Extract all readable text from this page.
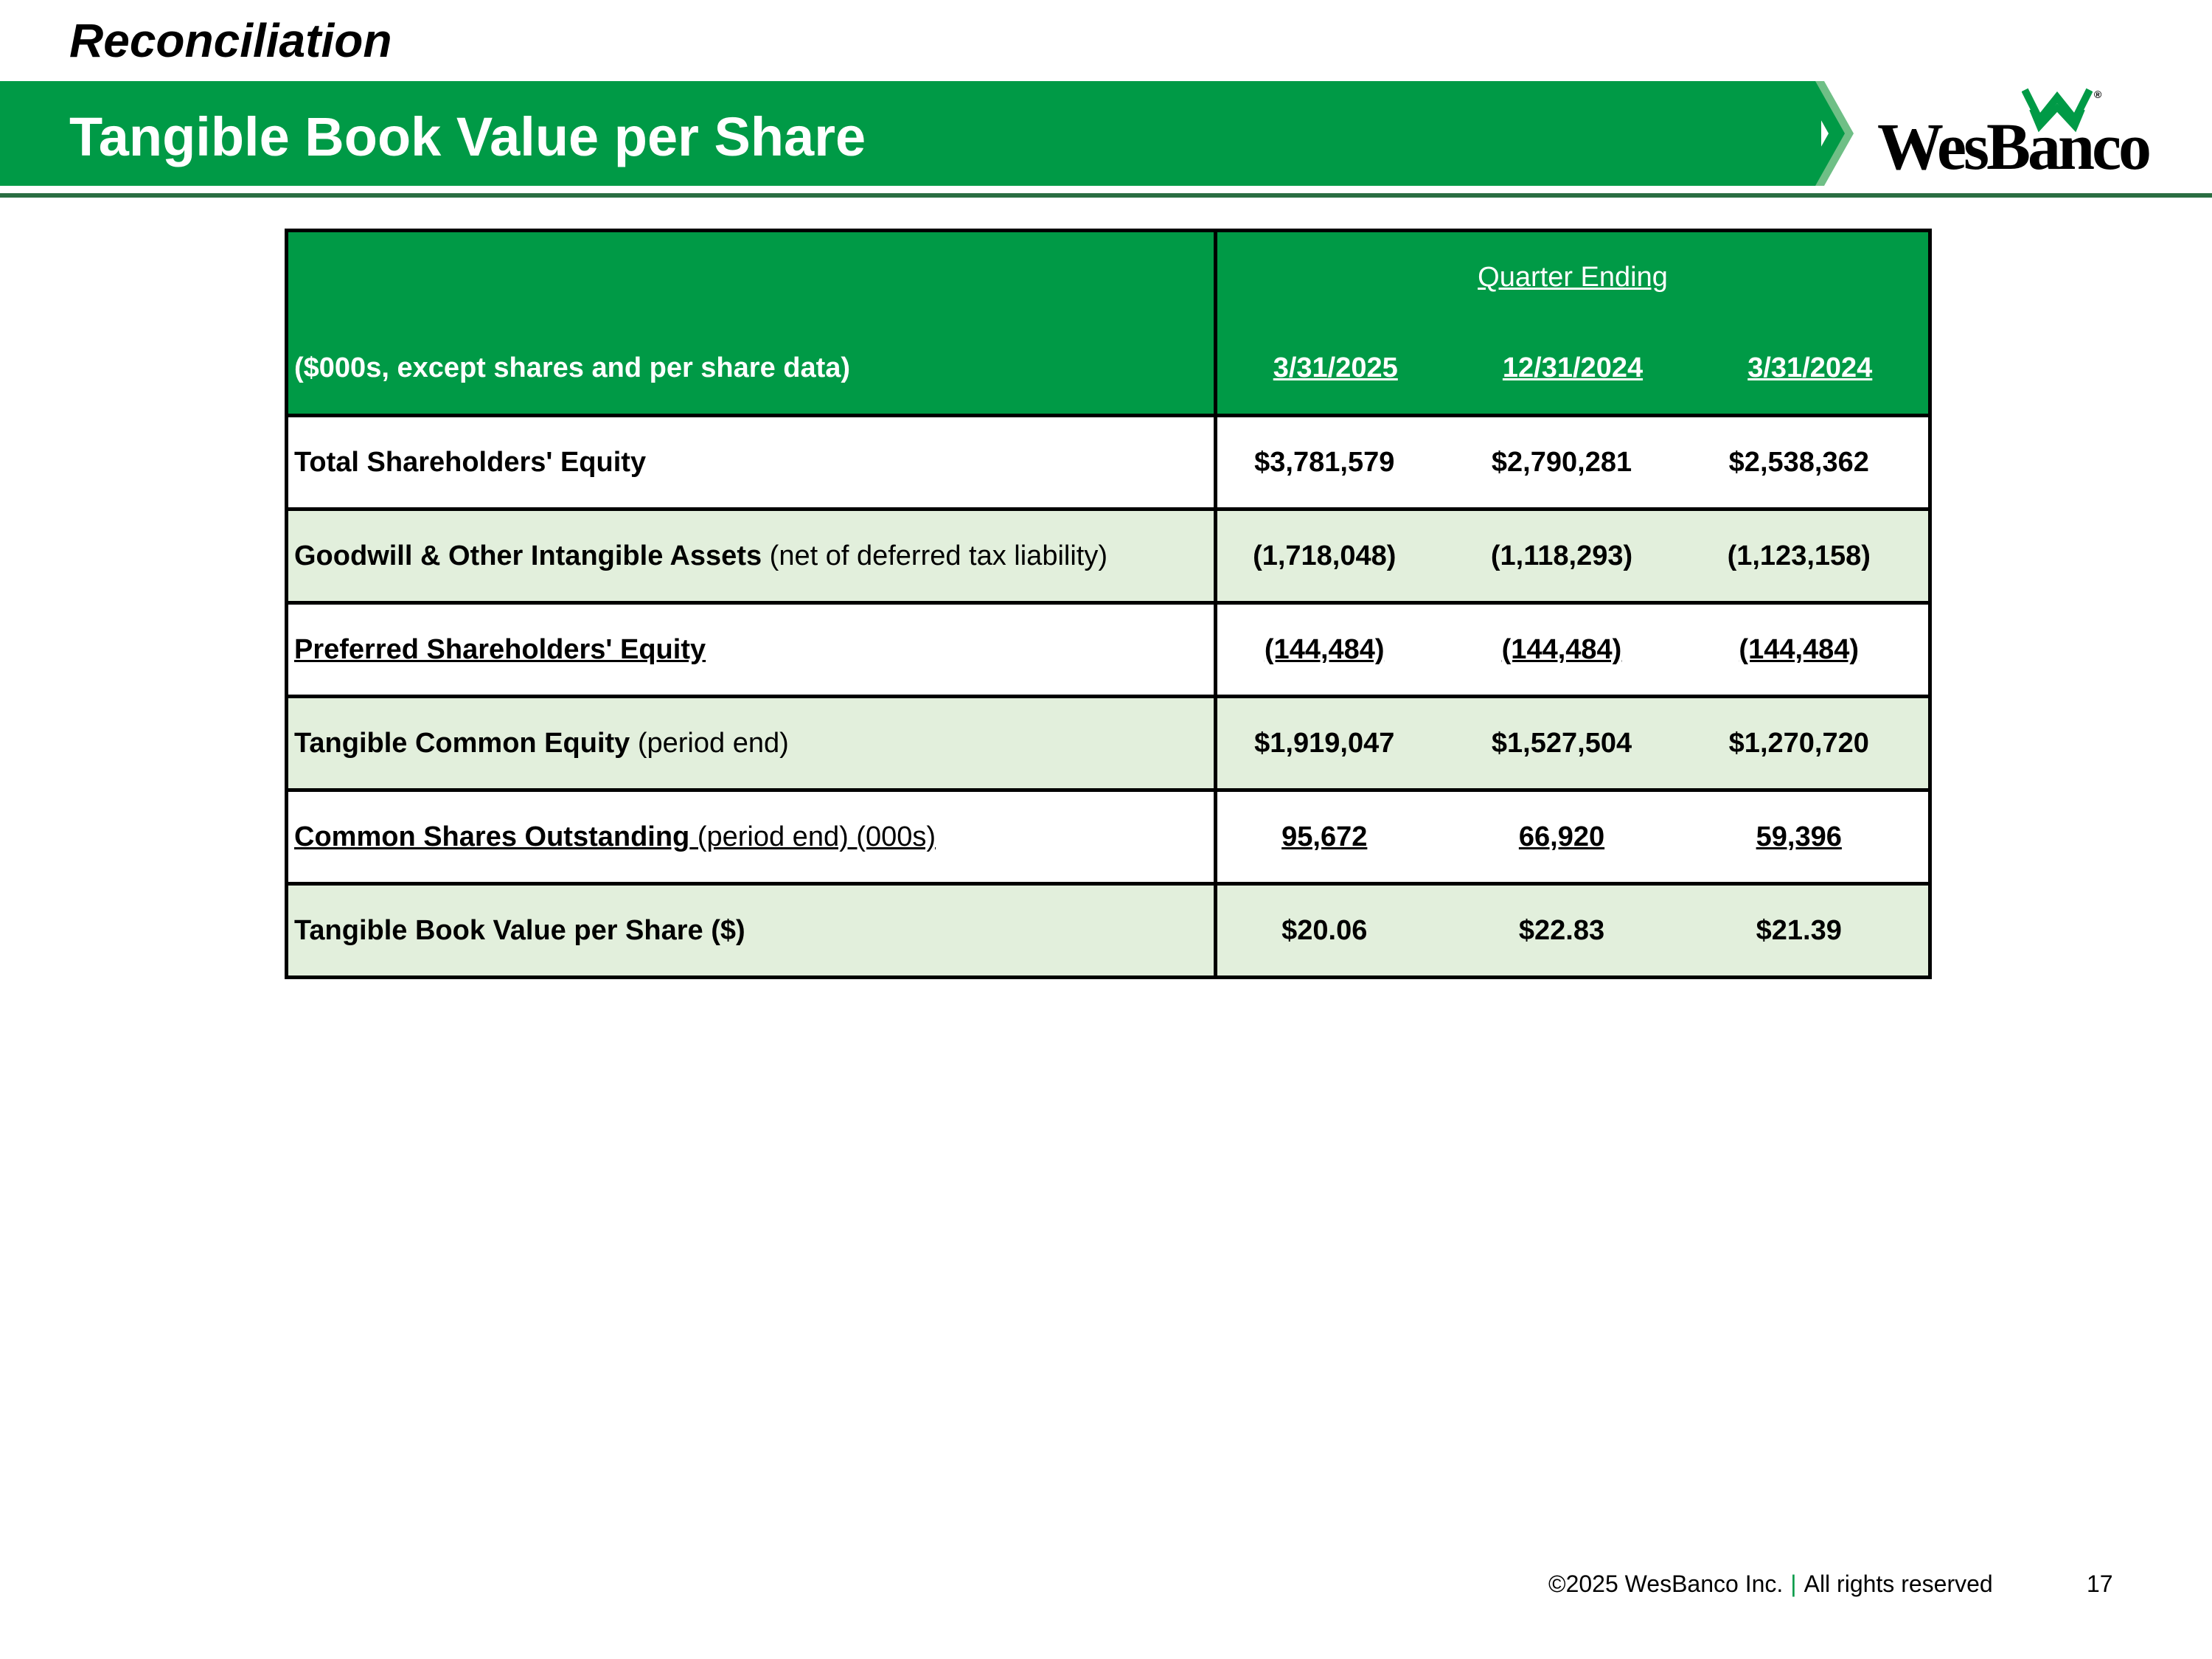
Reconciliation
Tangible Book Value per Share
®
WesBanco
	Quarter Ending		
($000s, except shares and per share data)	3/31/2025	12/31/2024	3/31/2024
Total Shareholders' Equity	$3,781,579	$2,790,281	$2,538,362
Goodwill & Other Intangible Assets (net of deferred tax liability)	(1,718,048)	(1,118,293)	(1,123,158)
Preferred Shareholders' Equity	(144,484)	(144,484)	(144,484)
Tangible Common Equity (period end)	$1,919,047	$1,527,504	$1,270,720
Common Shares Outstanding (period end) (000s)	95,672	66,920	59,396
Tangible Book Value per Share ($)	$20.06	$22.83	$21.39
©2025 WesBanco Inc. | All rights reserved	17
